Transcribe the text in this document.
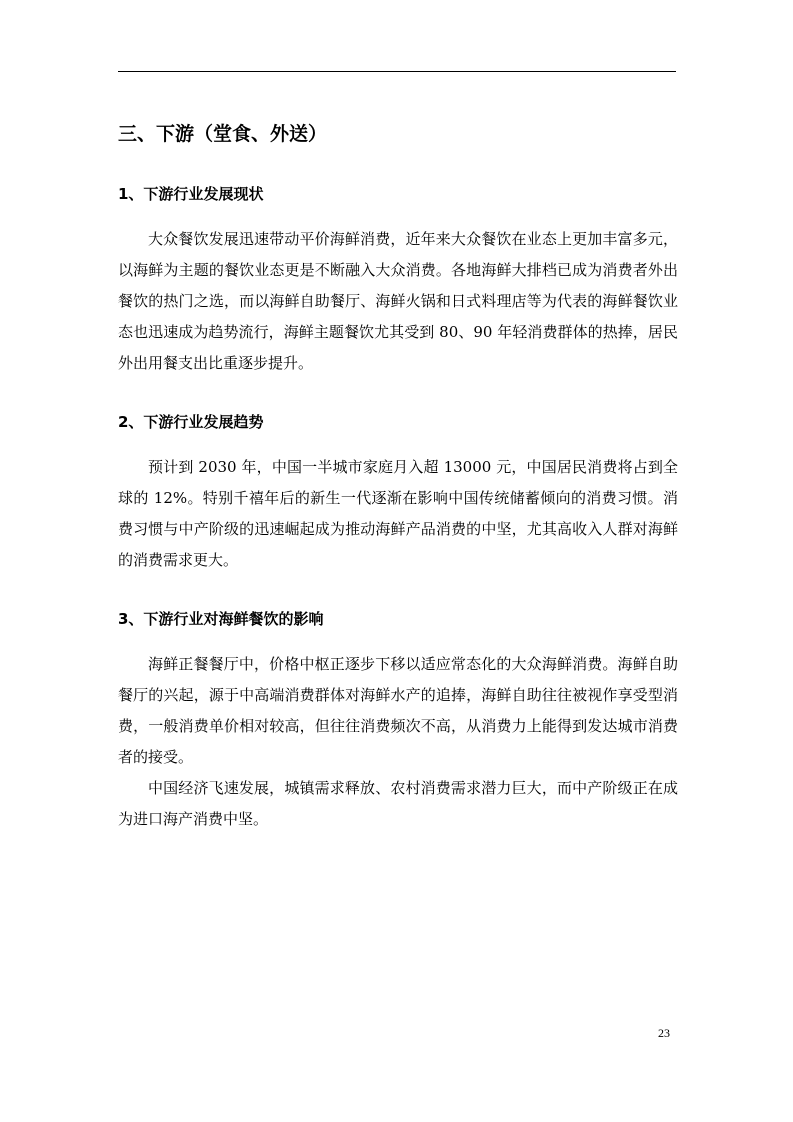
三、下游（堂食、外送）
1、下游行业发展现状

大众餐饮发展迅速带动平价海鲜消费，近年来大众餐饮在业态上更加丰富多元，以海鲜为主题的餐饮业态更是不断融入大众消费。各地海鲜大排档已成为消费者外出餐饮的热门之选，而以海鲜自助餐厅、海鲜火锅和日式料理店等为代表的海鲜餐饮业态也迅速成为趋势流行，海鲜主题餐饮尤其受到 80、90 年轻消费群体的热捧，居民外出用餐支出比重逐步提升。

2、下游行业发展趋势

预计到 2030 年，中国一半城市家庭月入超 13000 元，中国居民消费将占到全球的 12%。特别千禧年后的新生一代逐渐在影响中国传统储蓄倾向的消费习惯。消费习惯与中产阶级的迅速崛起成为推动海鲜产品消费的中坚，尤其高收入人群对海鲜的消费需求更大。

3、下游行业对海鲜餐饮的影响

海鲜正餐餐厅中，价格中枢正逐步下移以适应常态化的大众海鲜消费。海鲜自助餐厅的兴起，源于中高端消费群体对海鲜水产的追捧，海鲜自助往往被视作享受型消费，一般消费单价相对较高，但往往消费频次不高，从消费力上能得到发达城市消费者的接受。

中国经济飞速发展，城镇需求释放、农村消费需求潜力巨大，而中产阶级正在成为进口海产消费中坚。

23
